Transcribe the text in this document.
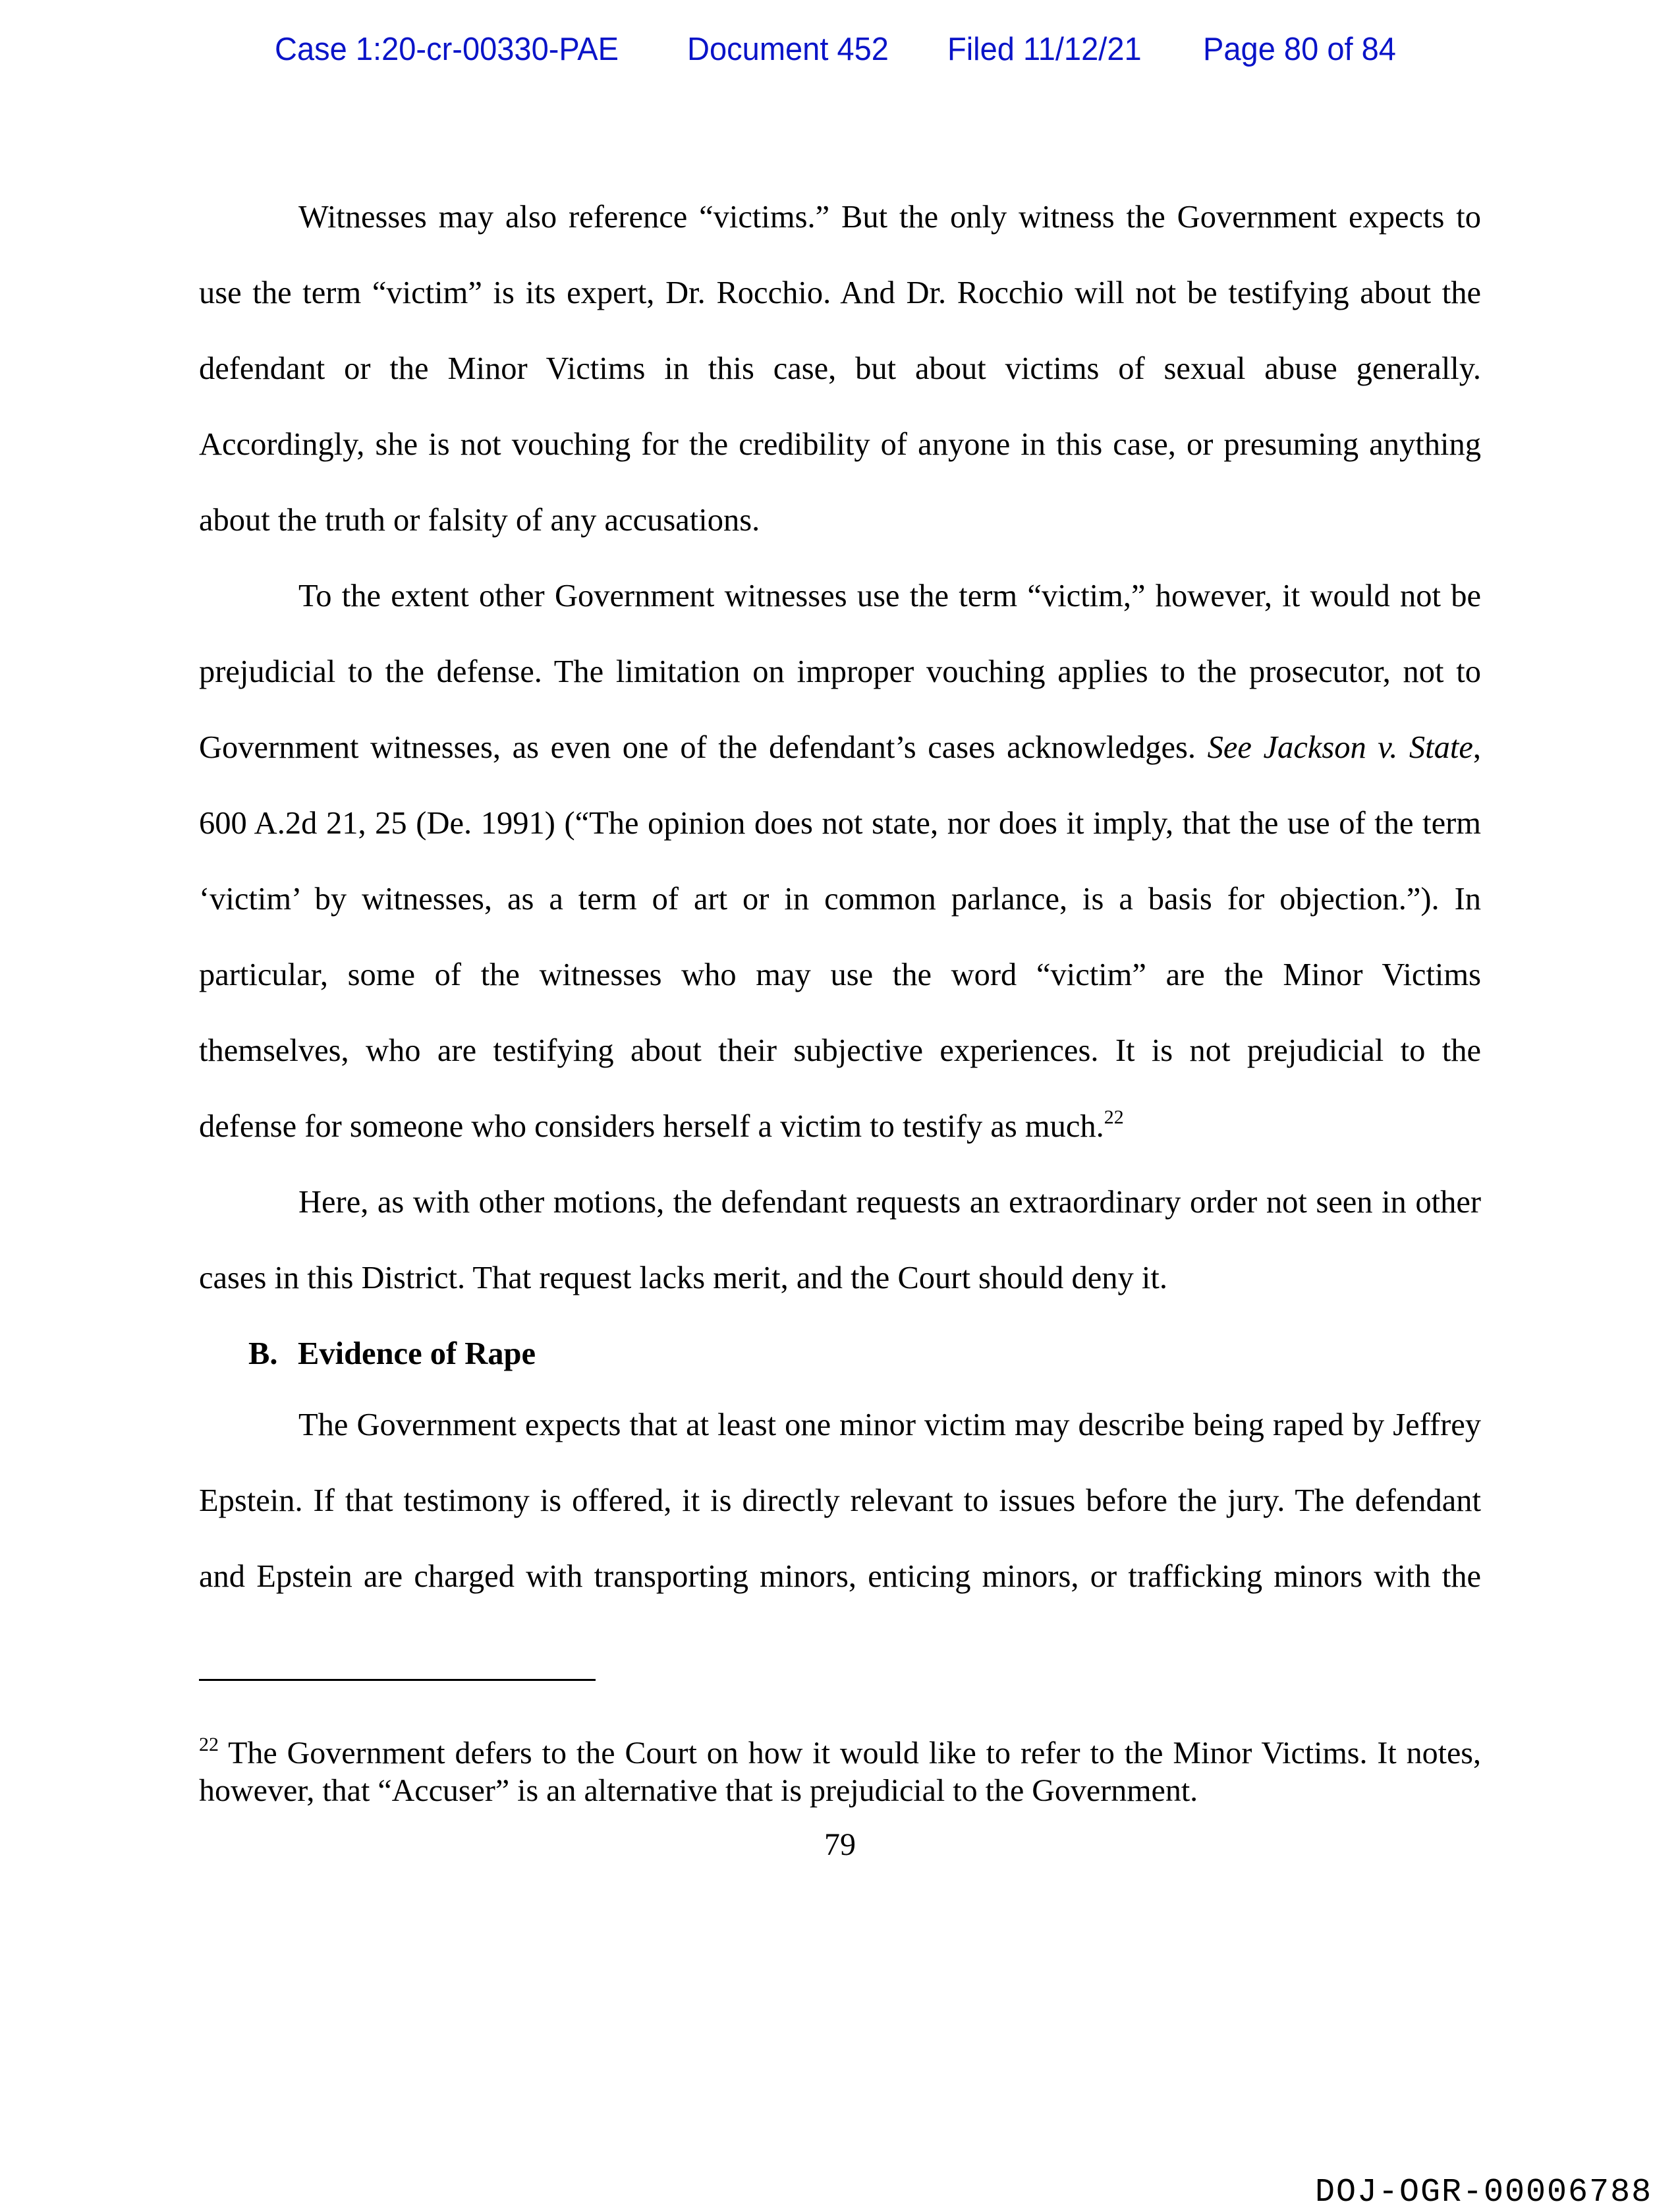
Case 1:20-cr-00330-PAE Document 452 Filed 11/12/21 Page 80 of 84
Witnesses may also reference “victims.” But the only witness the Government expects to
use the term “victim” is its expert, Dr. Rocchio. And Dr. Rocchio will not be testifying about the
defendant or the Minor Victims in this case, but about victims of sexual abuse generally.
Accordingly, she is not vouching for the credibility of anyone in this case, or presuming anything
about the truth or falsity of any accusations.
To the extent other Government witnesses use the term “victim,” however, it would not be
prejudicial to the defense. The limitation on improper vouching applies to the prosecutor, not to
Government witnesses, as even one of the defendant’s cases acknowledges. See Jackson v. State,
600 A.2d 21, 25 (De. 1991) (“The opinion does not state, nor does it imply, that the use of the term
‘victim’ by witnesses, as a term of art or in common parlance, is a basis for objection.”). In
particular, some of the witnesses who may use the word “victim” are the Minor Victims
themselves, who are testifying about their subjective experiences. It is not prejudicial to the
defense for someone who considers herself a victim to testify as much.$^{22}$
Here, as with other motions, the defendant requests an extraordinary order not seen in other
cases in this District. That request lacks merit, and the Court should deny it.
B. Evidence of Rape
The Government expects that at least one minor victim may describe being raped by Jeffrey
Epstein. If that testimony is offered, it is directly relevant to issues before the jury. The defendant
and Epstein are charged with transporting minors, enticing minors, or trafficking minors with the
$^{22}$ The Government defers to the Court on how it would like to refer to the Minor Victims. It notes,
however, that “Accuser” is an alternative that is prejudicial to the Government.
79
DOJ-OGR-00006788
